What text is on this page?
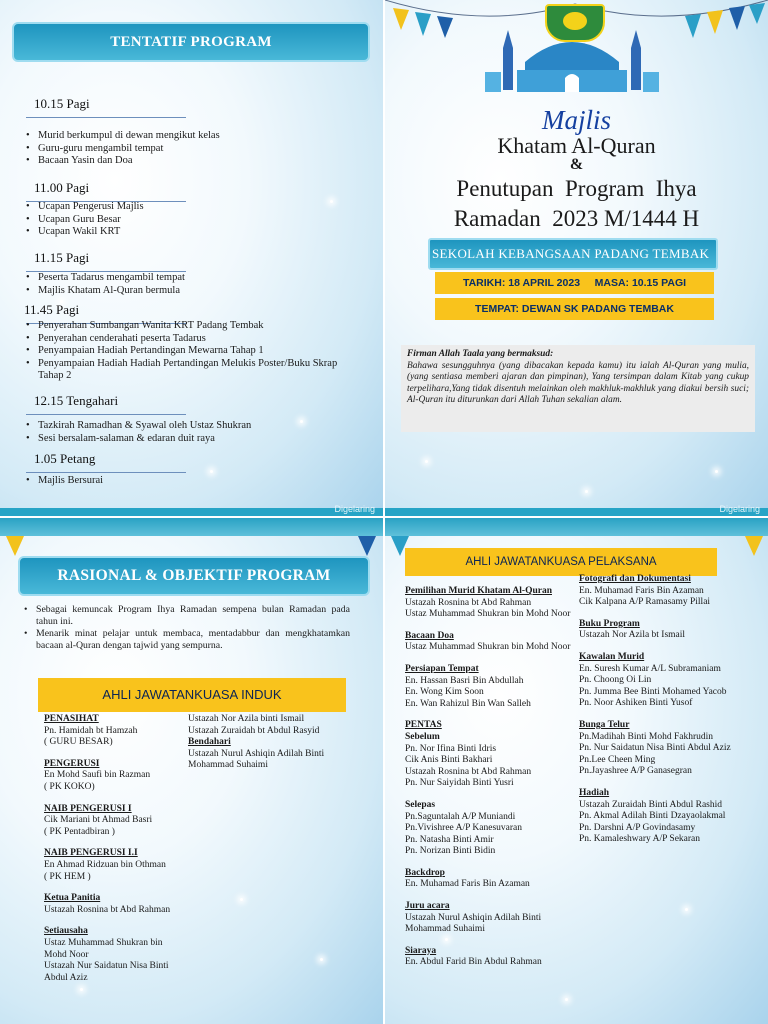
TENTATIF PROGRAM
10.15 Pagi
• Murid berkumpul di dewan mengikut kelas
• Guru-guru mengambil tempat
• Bacaan Yasin dan Doa
11.00 Pagi
• Ucapan Pengerusi Majlis
• Ucapan Guru Besar
• Ucapan Wakil KRT
11.15 Pagi
• Peserta Tadarus mengambil tempat
• Majlis Khatam Al-Quran bermula
11.45 Pagi
• Penyerahan Sumbangan Wanita KRT Padang Tembak
• Penyerahan cenderahati peserta Tadarus
• Penyampaian Hadiah Pertandingan Mewarna Tahap 1
• Penyampaian Hadiah Hadiah Pertandingan Melukis Poster/Buku Skrap Tahap 2
12.15 Tengahari
• Tazkirah Ramadhan & Syawal oleh Ustaz Shukran
• Sesi bersalam-salaman & edaran duit raya
1.05 Petang
• Majlis Bersurai
Digelaring
Majlis
Khatam Al-Quran
&
Penutupan  Program  Ihya
Ramadan  2023 M/1444 H
SEKOLAH KEBANGSAAN PADANG TEMBAK
TARIKH: 18 APRIL 2023     MASA: 10.15 PAGI
TEMPAT: DEWAN SK PADANG TEMBAK
Firman Allah Taala yang bermaksud:
Bahawa sesungguhnya (yang dibacakan kepada kamu) itu ialah Al-Quran yang mulia, (yang sentiasa memberi ajaran dan pimpinan), Yang tersimpan dalam Kitab yang cukup terpelihara,Yang tidak disentuh melainkan oleh makhluk-makhluk yang diakui bersih suci; Al-Quran itu diturunkan dari Allah Tuhan sekalian alam.
Digelaring
RASIONAL & OBJEKTIF PROGRAM
• Sebagai kemuncak Program Ihya Ramadan sempena bulan Ramadan pada tahun ini.
• Menarik minat pelajar untuk membaca, mentadabbur dan mengkhatamkan bacaan al-Quran dengan tajwid yang sempurna.
AHLI JAWATANKUASA INDUK
PENASIHAT
Pn. Hamidah bt Hamzah
( GURU BESAR)
PENGERUSI
En Mohd Saufi bin Razman
( PK KOKO)
NAIB PENGERUSI I
Cik Mariani bt Ahmad Basri
( PK Pentadbiran )
NAIB PENGERUSI I.I
En Ahmad Ridzuan bin Othman
( PK HEM )
Ketua Panitia
Ustazah Rosnina bt Abd Rahman
Setiausaha
Ustaz Muhammad Shukran bin Mohd Noor
Ustazah Nur Saidatun Nisa Binti Abdul Aziz
Ustazah Nor Azila binti Ismail
Ustazah Zuraidah bt Abdul Rasyid
Bendahari
Ustazah Nurul Ashiqin Adilah Binti Mohammad Suhaimi
AHLI JAWATANKUASA PELAKSANA
Pemilihan Murid Khatam Al-Quran
Ustazah Rosnina bt Abd Rahman
Ustaz Muhammad Shukran bin Mohd Noor
Bacaan Doa
Ustaz Muhammad Shukran bin Mohd Noor
Persiapan Tempat
En. Hassan Basri Bin Abdullah
En. Wong Kim Soon
En. Wan Rahizul Bin Wan Salleh
PENTAS
Sebelum
Pn. Nor Ifina Binti Idris
Cik Anis Binti Bakhari
Ustazah Rosnina bt Abd Rahman
Pn. Nur Saiyidah Binti Yusri
Selepas
Pn.Saguntalah A/P Muniandi
Pn.Vivishree A/P Kanesuvaran
Pn. Natasha Binti Amir
Pn. Norizan Binti Bidin
Backdrop
En. Muhamad Faris Bin Azaman
Juru acara
Ustazah Nurul Ashiqin Adilah Binti Mohammad Suhaimi
Siaraya
En. Abdul Farid Bin Abdul Rahman
Fotografi dan Dokumentasi
En. Muhamad Faris Bin Azaman
Cik Kalpana A/P Ramasamy Pillai
Buku Program
Ustazah Nor Azila bt Ismail
Kawalan Murid
En. Suresh Kumar A/L Subramaniam
Pn. Choong Oi Lin
Pn. Jumma Bee Binti Mohamed Yacob
Pn. Noor Ashiken Binti Yusof
Bunga Telur
Pn.Madihah Binti Mohd Fakhrudin
Pn. Nur Saidatun Nisa Binti Abdul Aziz
Pn.Lee Cheen Ming
Pn.Jayashree A/P Ganasegran
Hadiah
Ustazah Zuraidah Binti Abdul Rashid
Pn. Akmal Adilah Binti Dzayaolakmal
Pn. Darshni A/P Govindasamy
Pn. Kamaleshwary A/P Sekaran
